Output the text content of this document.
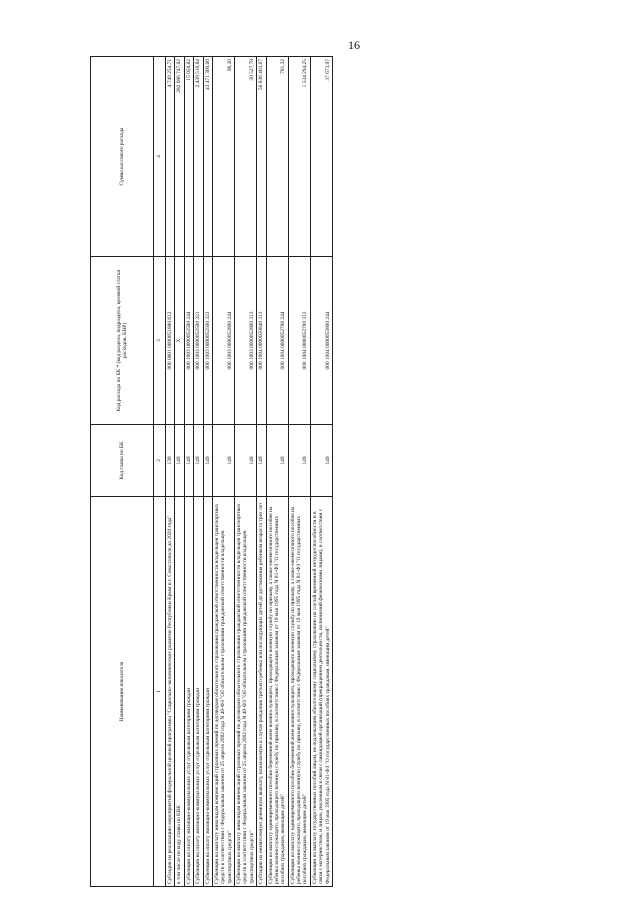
16
Наименование показателя	Код главы по БК	Код расхода по БК * (код раздела, подраздела, целевой статьи расходов, КВР)	Сумма кассового расхода
1	2	3	4
Субсидии на реализацию мероприятий федеральной целевой программы "Социально-экономическое развитие Республики Крым и г. Севастополя до 2020 года"	139	000 0801 0000051880 612	4 749 254,71
в том числе по коду главы по КВК	149	X	282 086 747,02
Субвенции на оплату жилищно-коммунальных услуг отдельным категориям граждан	149	000 1003 0000052500 244	15 050,82
Субвенции на оплату жилищно-коммунальных услуг отдельным категориям граждан	149	000 1003 0000052500 321	2 439 516,84
Субвенции на оплату жилищно-коммунальных услуг отдельным категориям граждан	149	000 1003 0000052500 323	43 471 300,00
Субвенции на выплату инвалидам компенсаций страховых премий по договорам обязательного страхования гражданской ответственности владельцев транспортных средств в соответствии с Федеральным законом от 25 апреля 2002 года N 40-ФЗ "Об обязательном страховании гражданской ответственности владельцев транспортных средств"	149	000 1003 0000052800 244	96,20
Субвенции на выплату инвалидам компенсаций страховых премий по договорам обязательного страхования гражданской ответственности владельцев транспортных средств в соответствии с Федеральным законом от 25 апреля 2002 года N 40-ФЗ "Об обязательном страховании гражданской ответственности владельцев транспортных средств"	149	000 1003 0000052800 313	30 527,78
Субсидии на ежемесячную денежную выплату, назначаемую в случае рождения третьего ребенка или последующих детей до достижения ребенком возраста трех лет	149	000 1004 0000050840 313	56 636 403,07
Субвенции на выплату единовременного пособия беременной жене военнослужащего, проходящего военную службу по призыву, а также ежемесячного пособия на ребенка военнослужащего, проходящего военную службу по призыву, в соответствии с Федеральным законом от 19 мая 1995 года N 81-ФЗ "О государственных пособиях гражданам, имеющим детей"	149	000 1004 0000052700 244	781,32
Субвенции на выплату единовременного пособия беременной жене военнослужащего, проходящего военную службу по призыву, а также ежемесячного пособия на ребенка военнослужащего, проходящего военную службу по призыву, в соответствии с Федеральным законом от 19 мая 1995 года N 81-ФЗ "О государственных пособиях гражданам, имеющим детей"	149	000 1004 0000052700 313	1 534 294,25
Субвенции на выплату государственных пособий лицам, не подлежащим обязательному социальному страхованию на случай временной нетрудоспособности и в связи с материнством, и лицам, уволенным в связи с ликвидацией организаций (прекращением деятельности, полномочий физическими лицами), в соответствии с Федеральным законом от 19 мая 1995 года N 81-ФЗ "О государственных пособиях гражданам, имеющим детей"	149	000 1004 0000053800 244	37 673,97
